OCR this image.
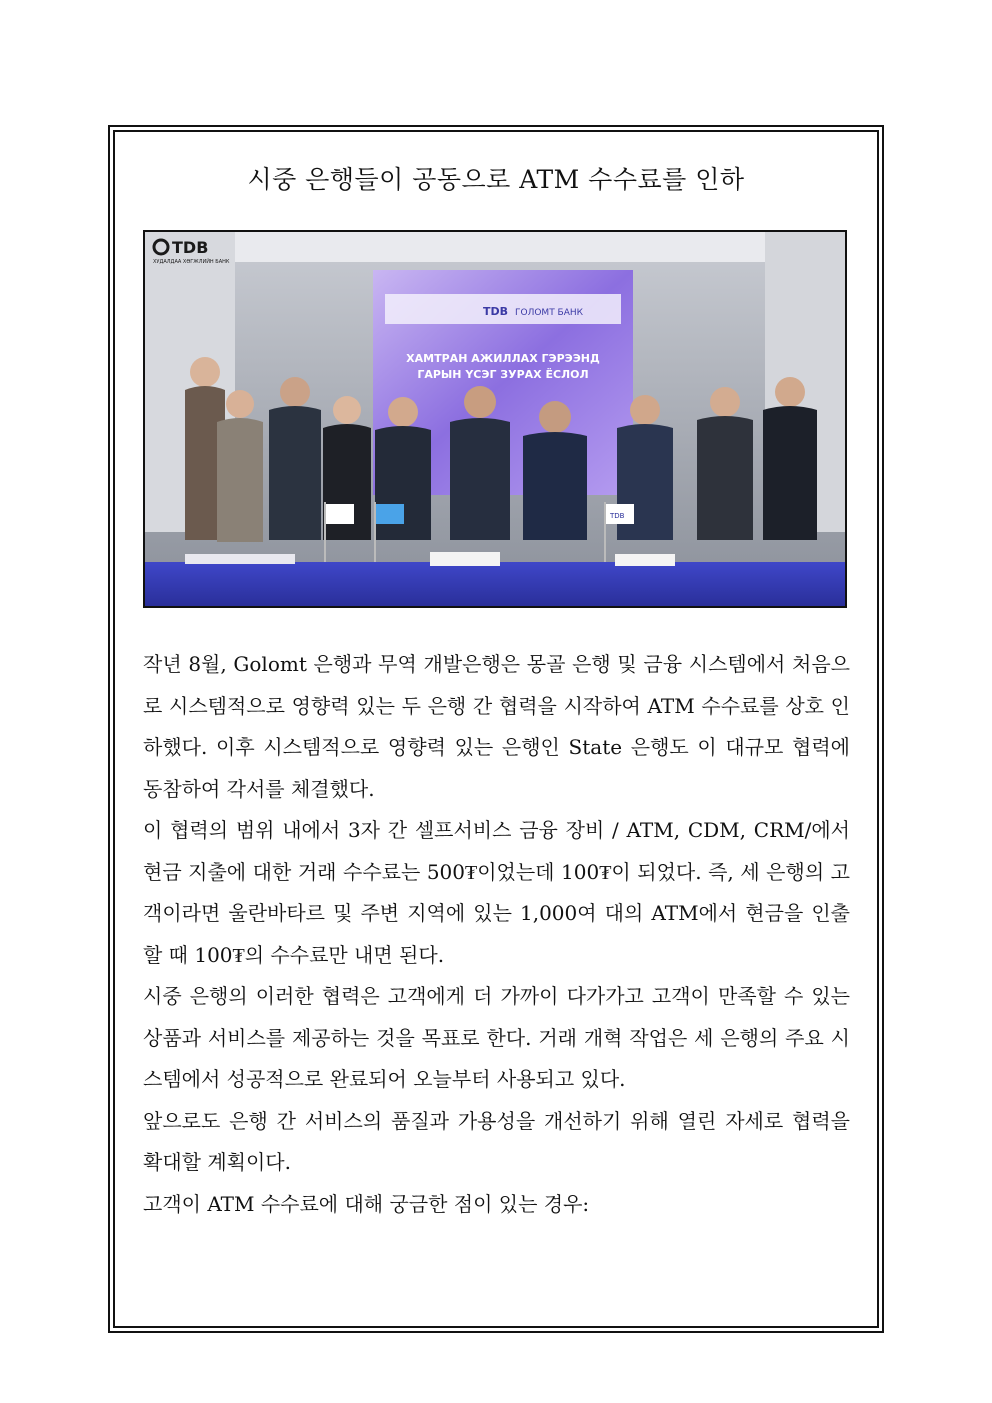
시중 은행들이 공동으로 ATM 수수료를 인하
TDB ГОЛОМТ БАНК
ХАМТРАН АЖИЛЛАХ ГЭРЭЭНД
ГАРЫН ҮСЭГ ЗУРАХ ЁСЛОЛ
TDB
TDB
ХУДАЛДАА ХӨГЖЛИЙН БАНК

작년 8월, Golomt 은행과 무역 개발은행은 몽골 은행 및 금융 시스템에서 처음으로 시스템적으로 영향력 있는 두 은행 간 협력을 시작하여 ATM 수수료를 상호 인하했다. 이후 시스템적으로 영향력 있는 은행인 State 은행도 이 대규모 협력에 동참하여 각서를 체결했다.

이 협력의 범위 내에서 3자 간 셀프서비스 금융 장비 / ATM, CDM, CRM/에서 현금 지출에 대한 거래 수수료는 500₮이었는데 100₮이 되었다. 즉, 세 은행의 고객이라면 울란바타르 및 주변 지역에 있는 1,000여 대의 ATM에서 현금을 인출할 때 100₮의 수수료만 내면 된다.

시중 은행의 이러한 협력은 고객에게 더 가까이 다가가고 고객이 만족할 수 있는 상품과 서비스를 제공하는 것을 목표로 한다. 거래 개혁 작업은 세 은행의 주요 시스템에서 성공적으로 완료되어 오늘부터 사용되고 있다.

앞으로도 은행 간 서비스의 품질과 가용성을 개선하기 위해 열린 자세로 협력을 확대할 계획이다.

고객이 ATM 수수료에 대해 궁금한 점이 있는 경우:
